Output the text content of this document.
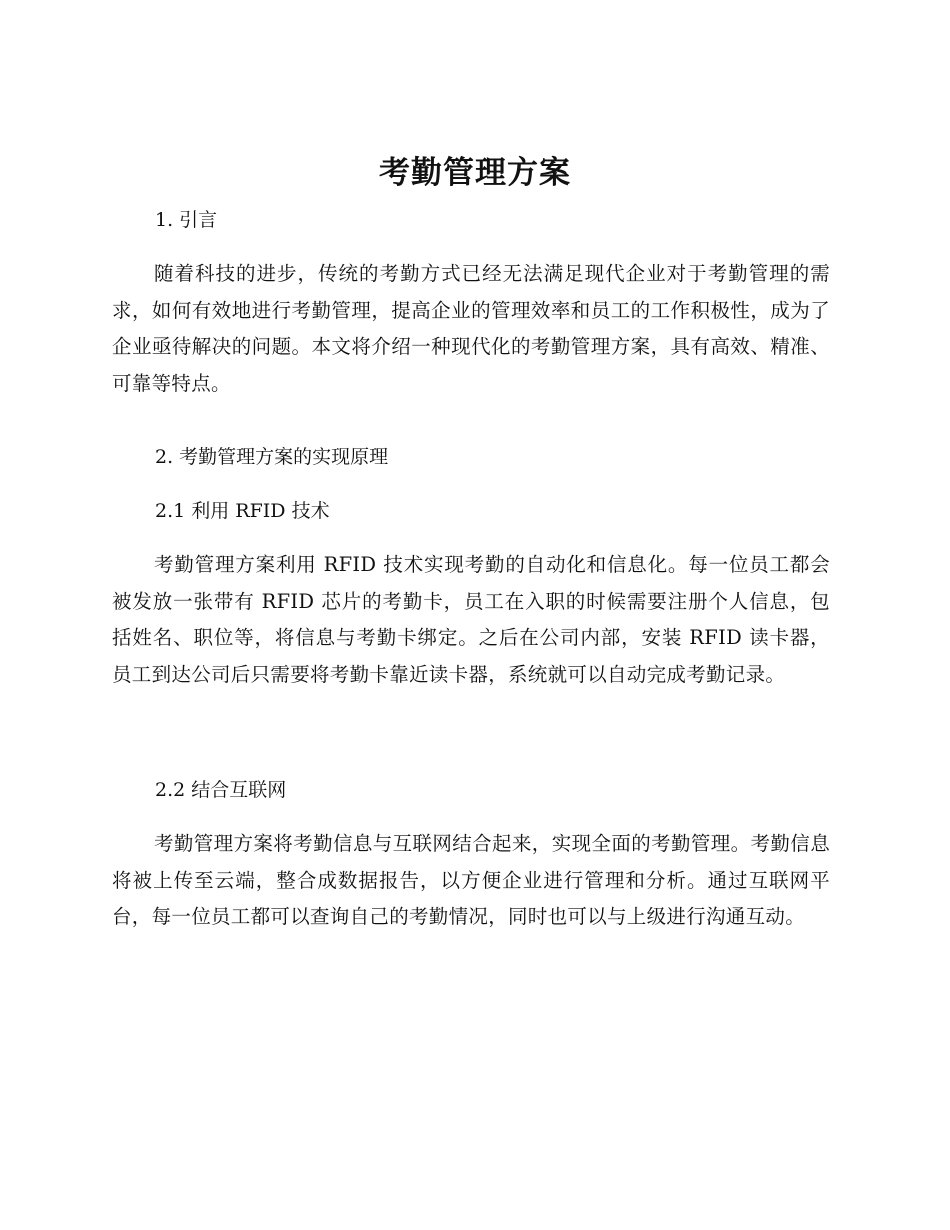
考勤管理方案
1. 引言

随着科技的进步，传统的考勤方式已经无法满足现代企业对于考勤管理的需求，如何有效地进行考勤管理，提高企业的管理效率和员工的工作积极性，成为了企业亟待解决的问题。本文将介绍一种现代化的考勤管理方案，具有高效、精准、可靠等特点。

2. 考勤管理方案的实现原理
2.1 利用 RFID 技术

考勤管理方案利用 RFID 技术实现考勤的自动化和信息化。每一位员工都会被发放一张带有 RFID 芯片的考勤卡，员工在入职的时候需要注册个人信息，包括姓名、职位等，将信息与考勤卡绑定。之后在公司内部，安装 RFID 读卡器，员工到达公司后只需要将考勤卡靠近读卡器，系统就可以自动完成考勤记录。

2.2 结合互联网

考勤管理方案将考勤信息与互联网结合起来，实现全面的考勤管理。考勤信息将被上传至云端，整合成数据报告，以方便企业进行管理和分析。通过互联网平台，每一位员工都可以查询自己的考勤情况，同时也可以与上级进行沟通互动。
